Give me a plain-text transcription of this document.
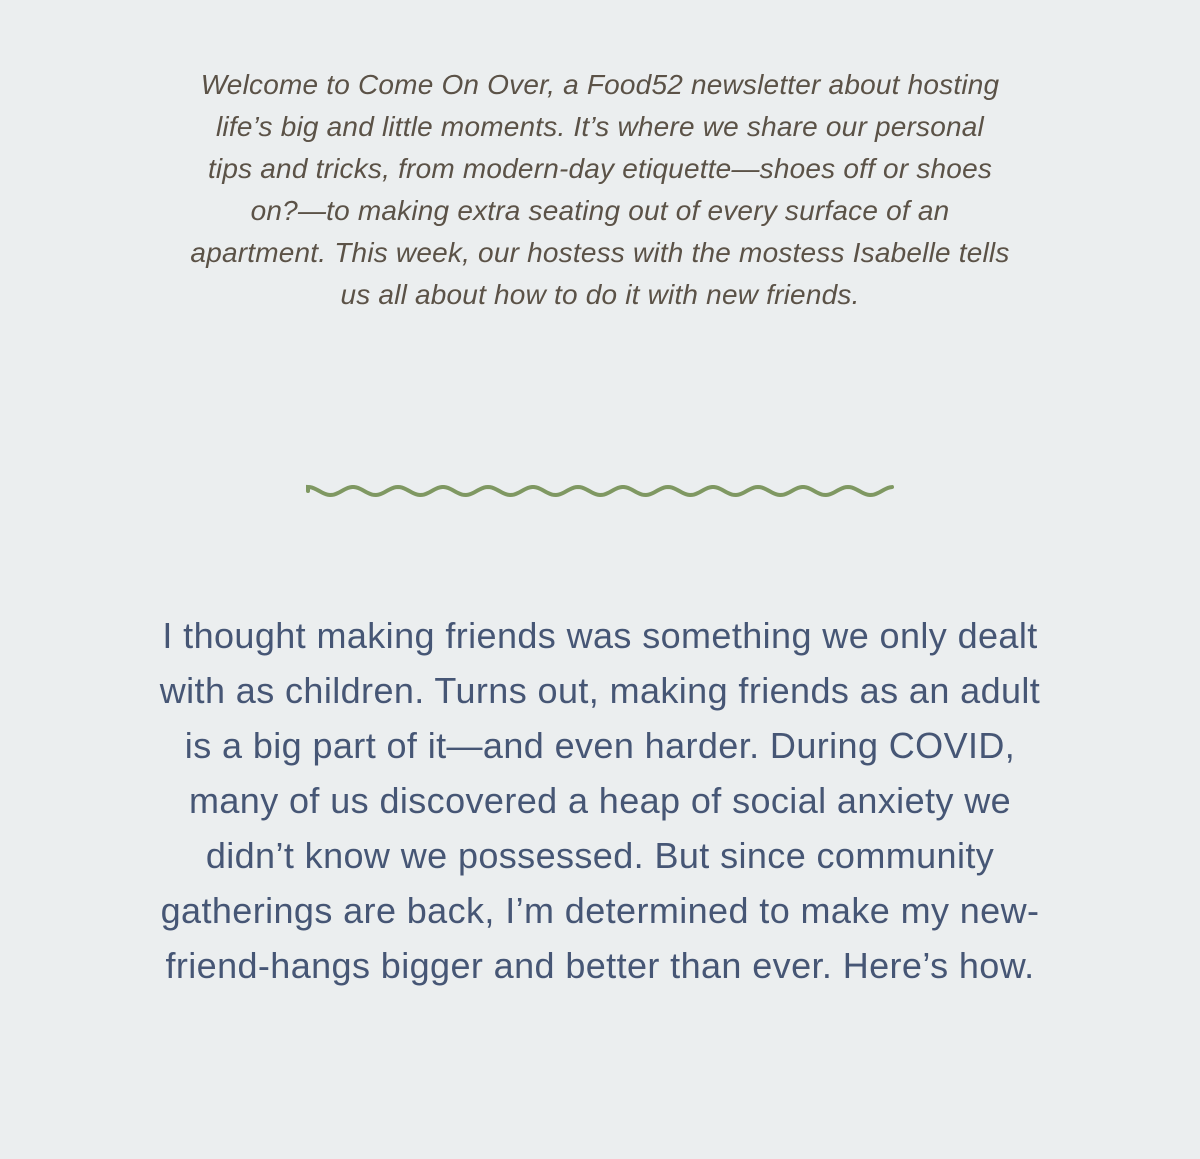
Welcome to Come On Over, a Food52 newsletter about hosting life’s big and little moments. It’s where we share our personal tips and tricks, from modern-day etiquette—shoes off or shoes on?—to making extra seating out of every surface of an apartment. This week, our hostess with the mostess Isabelle tells us all about how to do it with new friends.

I thought making friends was something we only dealt with as children. Turns out, making friends as an adult is a big part of it—and even harder. During COVID, many of us discovered a heap of social anxiety we didn’t know we possessed. But since community gatherings are back, I’m determined to make my new-friend-hangs bigger and better than ever. Here’s how.
